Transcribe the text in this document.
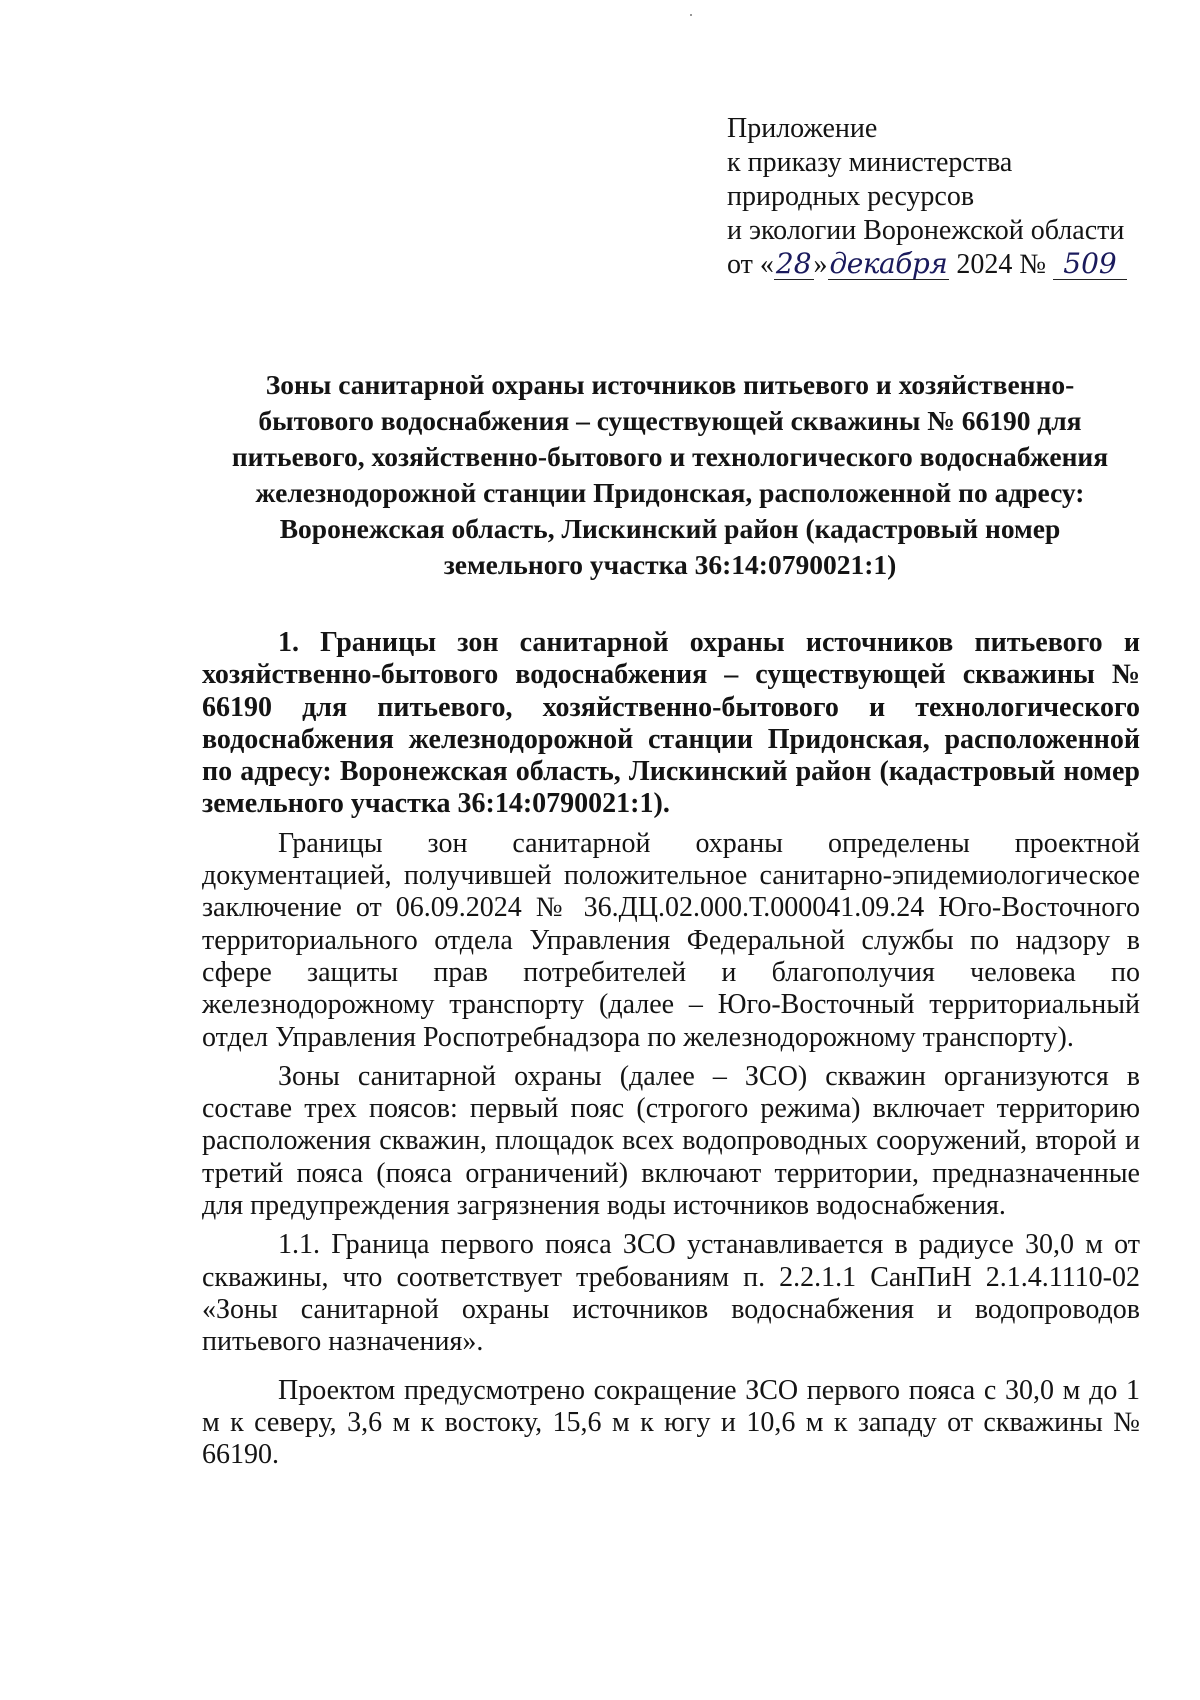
Приложение
к приказу министерства
природных ресурсов
и экологии Воронежской области
от «28»декабря 2024 № 509
Зоны санитарной охраны источников питьевого и хозяйственно-
бытового водоснабжения – существующей скважины № 66190 для
питьевого, хозяйственно-бытового и технологического водоснабжения
железнодорожной станции Придонская, расположенной по адресу:
Воронежская область, Лискинский район (кадастровый номер
земельного участка 36:14:0790021:1)

1. Границы зон санитарной охраны источников питьевого и хозяйственно-бытового водоснабжения – существующей скважины № 66190 для питьевого, хозяйственно-бытового и технологического водоснабжения железнодорожной станции Придонская, расположенной по адресу: Воронежская область, Лискинский район (кадастровый номер земельного участка 36:14:0790021:1).

Границы зон санитарной охраны определены проектной документацией, получившей положительное санитарно-эпидемиологическое заключение от 06.09.2024 № 36.ДЦ.02.000.Т.000041.09.24 Юго-Восточного территориального отдела Управления Федеральной службы по надзору в сфере защиты прав потребителей и благополучия человека по железнодорожному транспорту (далее – Юго-Восточный территориальный отдел Управления Роспотребнадзора по железнодорожному транспорту).

Зоны санитарной охраны (далее – ЗСО) скважин организуются в составе трех поясов: первый пояс (строгого режима) включает территорию расположения скважин, площадок всех водопроводных сооружений, второй и третий пояса (пояса ограничений) включают территории, предназначенные для предупреждения загрязнения воды источников водоснабжения.

1.1. Граница первого пояса ЗСО устанавливается в радиусе 30,0 м от скважины, что соответствует требованиям п. 2.2.1.1 СанПиН 2.1.4.1110-02 «Зоны санитарной охраны источников водоснабжения и водопроводов питьевого назначения».

Проектом предусмотрено сокращение ЗСО первого пояса с 30,0 м до 1 м к северу, 3,6 м к востоку, 15,6 м к югу и 10,6 м к западу от скважины № 66190.
